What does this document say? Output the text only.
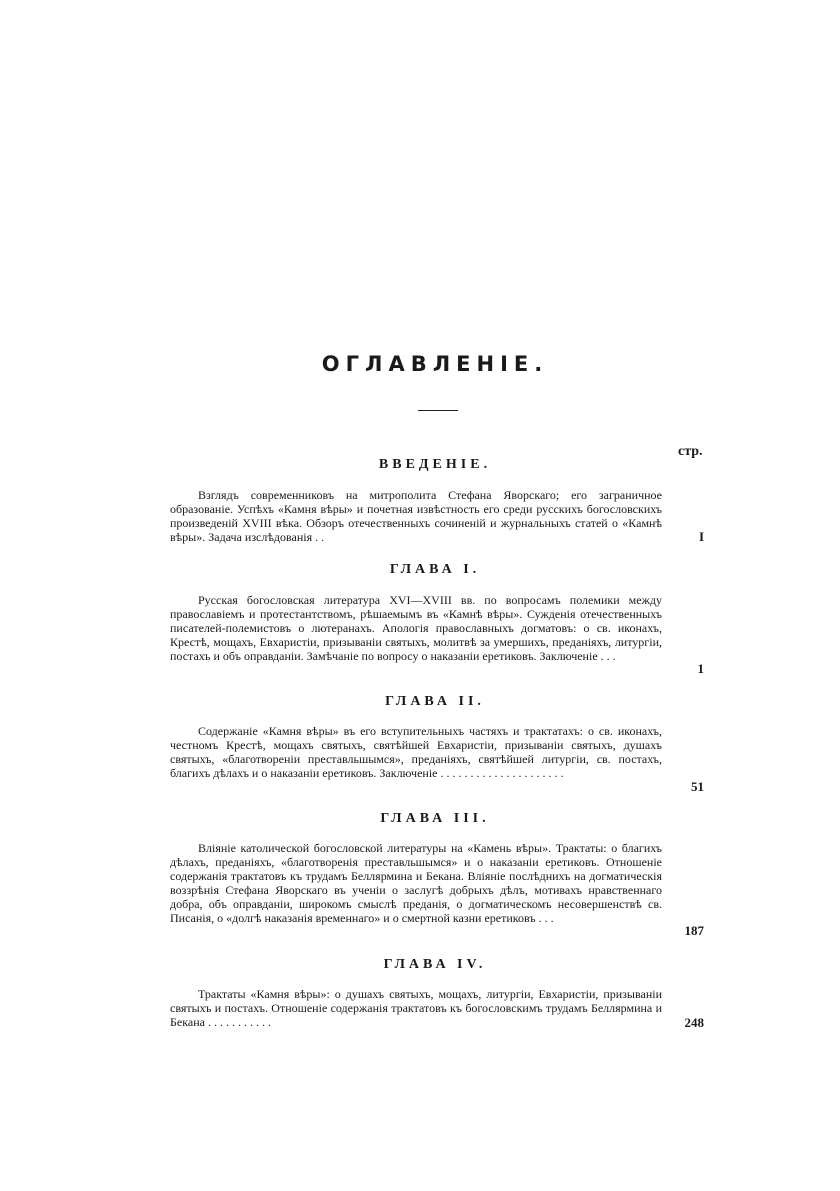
ОГЛАВЛЕНІЕ.
стр.
ВВЕДЕНІЕ.
Взглядъ современниковъ на митрополита Стефана Яворскаго; его заграничное образованіе. Успѣхъ «Камня вѣры» и почетная извѣстность его среди русскихъ богословскихъ произведеній XVIII вѣка. Обзоръ отечественныхъ сочиненій и журнальныхъ статей о «Камнѣ вѣры». Задача изслѣдованія . .	I
ГЛАВА I.
Русская богословская литература XVI—XVIII вв. по вопросамъ полемики между православіемъ и протестантствомъ, рѣшаемымъ въ «Камнѣ вѣры». Сужденія отечественныхъ писателей-полемистовъ о лютеранахъ. Апологія православныхъ догматовъ: о св. иконахъ, Крестѣ, мощахъ, Евхаристіи, призываніи святыхъ, молитвѣ за умершихъ, преданіяхъ, литургіи, постахъ и объ оправданіи. Замѣчаніе по вопросу о наказаніи еретиковъ. Заключеніе . . .
1
ГЛАВА II.
Содержаніе «Камня вѣры» въ его вступительныхъ частяхъ и трактатахъ: о св. иконахъ, честномъ Крестѣ, мощахъ святыхъ, святѣйшей Евхаристіи, призываніи святыхъ, душахъ святыхъ, «благотвореніи преставльшымся», преданіяхъ, святѣйшей литургіи, св. постахъ, благихъ дѣлахъ и о наказаніи еретиковъ. Заключеніе . . . . . . . . . . . . . . . . . . . . .
51
ГЛАВА III.
Вліяніе католической богословской литературы на «Камень вѣры». Трактаты: о благихъ дѣлахъ, преданіяхъ, «благотворенія преставльшымся» и о наказаніи еретиковъ. Отношеніе содержанія трактатовъ къ трудамъ Беллярмина и Бекана. Вліяніе послѣднихъ на догматическія воззрѣнія Стефана Яворскаго въ ученіи о заслугѣ добрыхъ дѣлъ, мотивахъ нравственнаго добра, объ оправданіи, широкомъ смыслѣ преданія, о догматическомъ несовершенствѣ св. Писанія, о «долгѣ наказанія временнаго» и о смертной казни еретиковъ . . .
187
ГЛАВА IV.
Трактаты «Камня вѣры»: о душахъ святыхъ, мощахъ, литургіи, Евхаристіи, призываніи святыхъ и постахъ. Отношеніе содержанія трактатовъ къ богословскимъ трудамъ Беллярмина и Бекана . . . . . . . . . . .	248
